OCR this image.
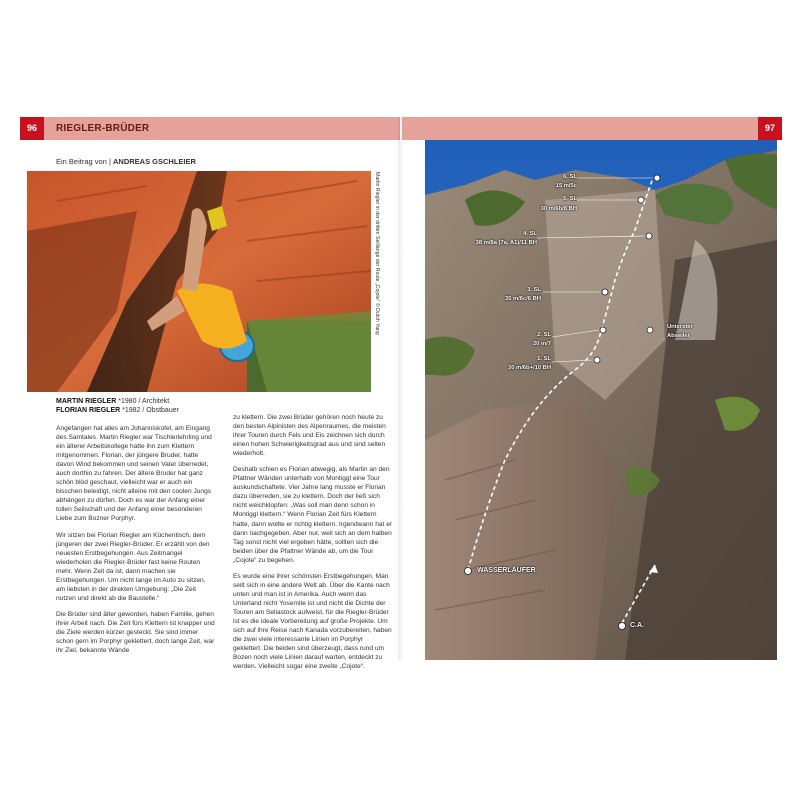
96	97
RIEGLER-BRÜDER
Ein Beitrag von | ANDREAS GSCHLEIER
Martin Riegler in der dritten Seillänge der Route „Cojote“ © Dutch Yang
MARTIN RIEGLER *1980 / Architekt
FLORIAN RIEGLER *1982 / Obstbauer

Angefangen hat alles am Johanniskofel, am Eingang des Samtales. Martin Riegler war Tischlerlehrling und ein älterer Arbeitskollege hatte ihn zum Klettern mitgenommen. Florian, der jüngere Bruder, hatte davon Wind bekommen und seinen Vater überredet, auch dorthin zu fahren. Der ältere Bruder hat ganz schön blöd geschaut, vielleicht war er auch ein bisschen beleidigt, nicht alleine mit den coolen Jungs abhängen zu dürfen. Doch es war der Anfang einer tollen Seilschaft und der Anfang einer besonderen Liebe zum Bozner Porphyr.

Wir sitzen bei Florian Riegler am Küchentisch, dem jüngeren der zwei Riegler-Brüder. Er erzählt von den neuesten Erstbegehungen. Aus Zeitmangel wiederholen die Riegler-Brüder fast keine Routen mehr. Wenn Zeit da ist, dann machen sie Erstbegehungen. Um nicht lange im Auto zu sitzen, am liebsten in der direkten Umgebung: „Die Zeit nutzen und direkt ab die Baustelle.“

Die Brüder sind älter geworden, haben Familie, gehen ihrer Arbeit nach. Die Zeit fürs Klettern ist knapper und die Ziele werden kürzer gesteckt. Sie sind immer schon gern im Porphyr geklettert, doch lange Zeit, war ihr Ziel, bekannte Wände

zu klettern. Die zwei Brüder gehören noch heute zu den besten Alpinisten des Alpenraumes, die meisten ihrer Touren durch Fels und Eis zeichnen sich durch einen hohen Schwierigkeitsgrad aus und sind selten wiederholt.

Deshalb schien es Florian abwegig, als Martin an den Pfattner Wänden unterhalb von Montiggl eine Tour auskundschaftete. Vier Jahre lang musste er Florian dazu überreden, sie zu klettern. Doch der ließ sich nicht weichklopfen: „Was soll man denn schon in Montiggl klettern.“ Wenn Florian Zeit fürs Klettern hatte, dann wollte er richtig klettern. Irgendwann hat er dann nachgegeben. Aber nur, weil sich an dem halben Tag sonst nicht viel ergeben hätte, sollten sich die beiden über die Pfattner Wände ab, um die Tour „Cojote“ zu begehen.

Es wurde eine ihrer schönsten Erstbegehungen. Man seilt sich in eine andere Welt ab. Über die Kante nach unten und man ist in Amerika. Auch wenn das Unterland nicht Yosemite ist und nicht die Dichte der Touren am Sellastock aufweist, für die Riegler-Brüder ist es die ideale Vorbereitung auf große Projekte. Um sich auf ihre Reise nach Kanada vorzubereiten, haben die zwei viele interessante Linien im Porphyr geklettert. Die beiden sind überzeugt, dass rund um Bozen noch viele Linien darauf warten, entdeckt zu werden. Vielleicht sogar eine zweite „Cojote“.

6. SL
15 m/5c
5. SL
30 m/6b/8 BH
4. SL
38 m/8a (7a, A1)/11 BH
3. SL
35 m/6c/6 BH
2. SL
20 m/7
1. SL
30 m/6b+/10 BH
Unterster
Abseiler
WASSERLÄUFER
C.A.
